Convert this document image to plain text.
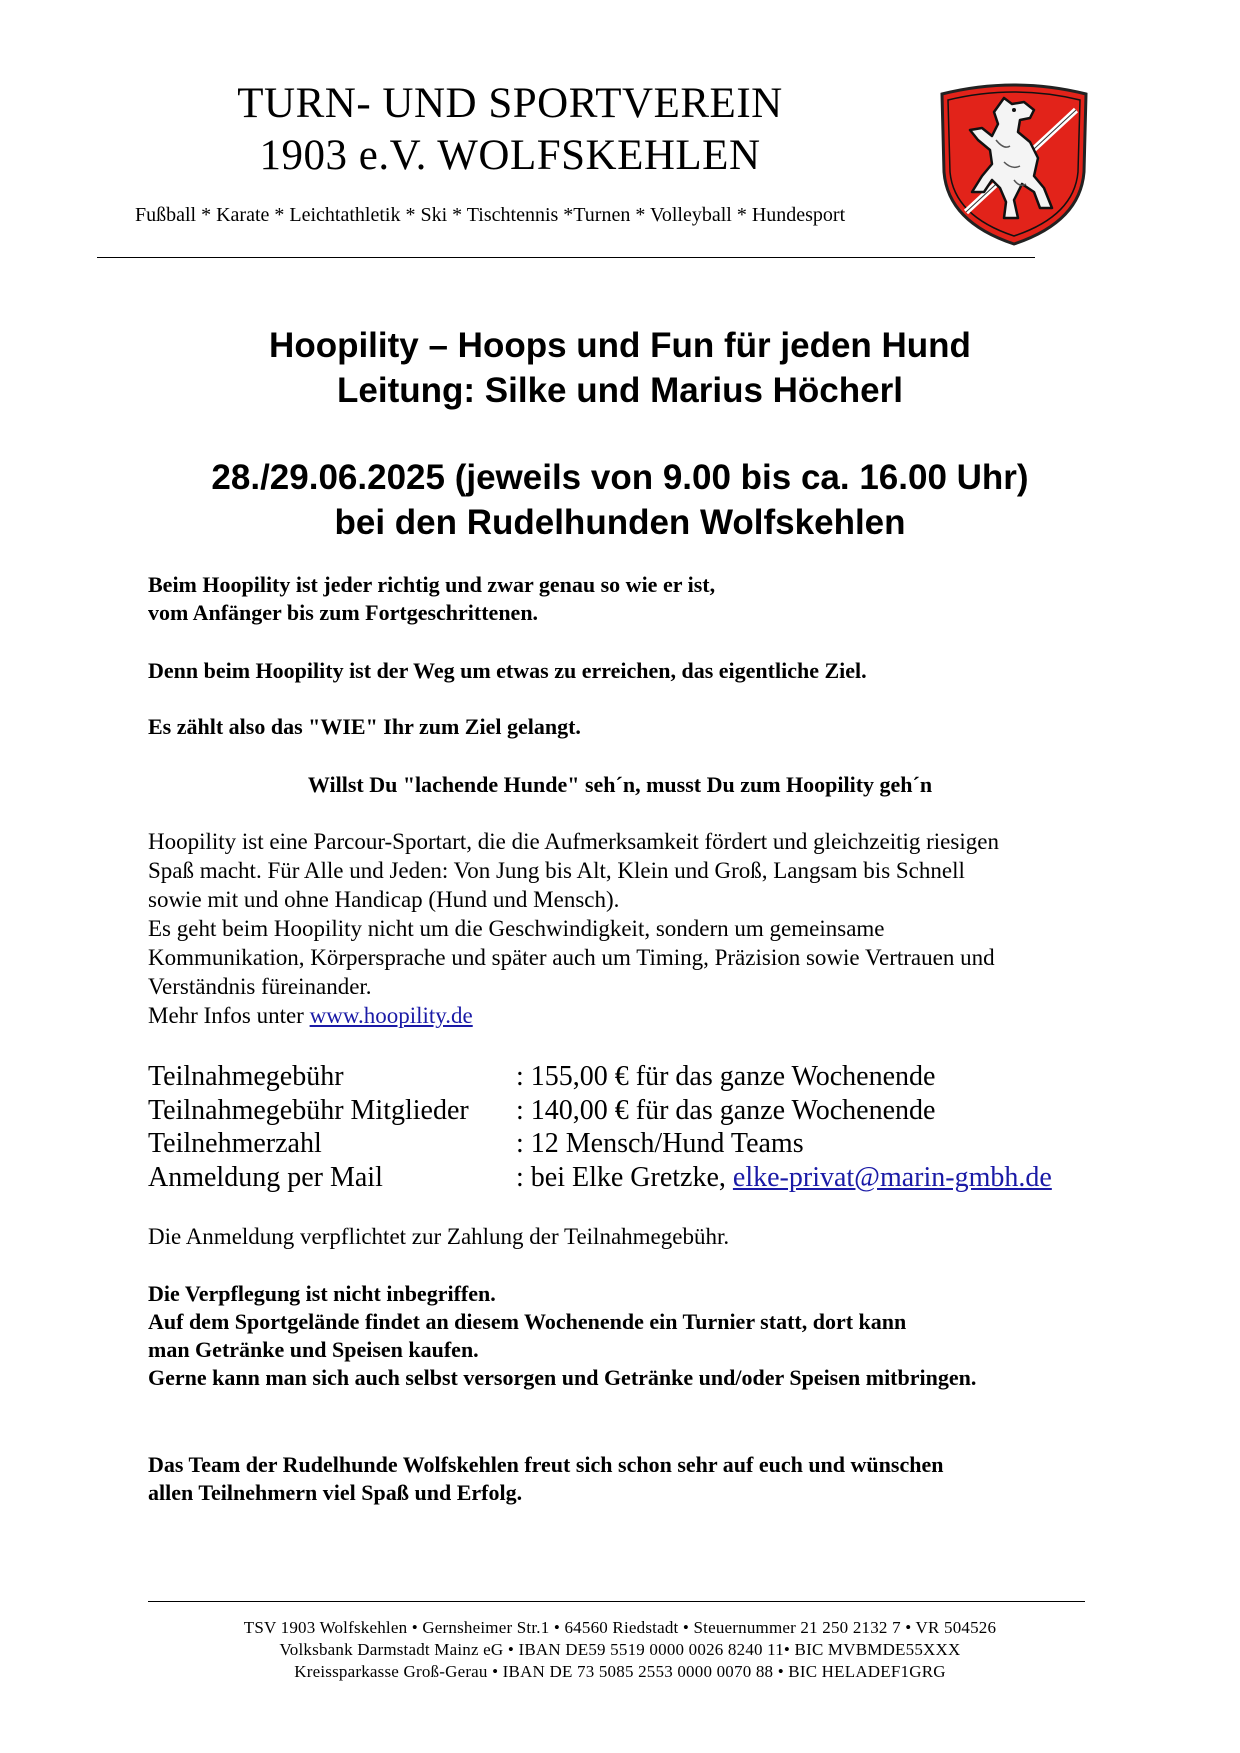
TURN- UND SPORTVEREIN
1903 e.V. WOLFSKEHLEN
Fußball * Karate * Leichtathletik * Ski * Tischtennis *Turnen * Volleyball * Hundesport
Hoopility – Hoops und Fun für jeden Hund
Leitung: Silke und Marius Höcherl
28./29.06.2025 (jeweils von 9.00 bis ca. 16.00 Uhr)
bei den Rudelhunden Wolfskehlen
Beim Hoopility ist jeder richtig und zwar genau so wie er ist,
vom Anfänger bis zum Fortgeschrittenen.
Denn beim Hoopility ist der Weg um etwas zu erreichen, das eigentliche Ziel.
Es zählt also das "WIE" Ihr zum Ziel gelangt.
Willst Du "lachende Hunde" seh´n, musst Du zum Hoopility geh´n
Hoopility ist eine Parcour-Sportart, die die Aufmerksamkeit fördert und gleichzeitig riesigen
Spaß macht. Für Alle und Jeden: Von Jung bis Alt, Klein und Groß, Langsam bis Schnell
sowie mit und ohne Handicap (Hund und Mensch).
Es geht beim Hoopility nicht um die Geschwindigkeit, sondern um gemeinsame
Kommunikation, Körpersprache und später auch um Timing, Präzision sowie Vertrauen und
Verständnis füreinander.
Mehr Infos unter www.hoopility.de
Teilnahmegebühr	: 155,00 € für das ganze Wochenende
Teilnahmegebühr Mitglieder	: 140,00 € für das ganze Wochenende
Teilnehmerzahl	: 12 Mensch/Hund Teams
Anmeldung per Mail	: bei Elke Gretzke, elke-privat@marin-gmbh.de
Die Anmeldung verpflichtet zur Zahlung der Teilnahmegebühr.
Die Verpflegung ist nicht inbegriffen.
Auf dem Sportgelände findet an diesem Wochenende ein Turnier statt, dort kann
man Getränke und Speisen kaufen.
Gerne kann man sich auch selbst versorgen und Getränke und/oder Speisen mitbringen.
Das Team der Rudelhunde Wolfskehlen freut sich schon sehr auf euch und wünschen
allen Teilnehmern viel Spaß und Erfolg.
TSV 1903 Wolfskehlen • Gernsheimer Str.1 • 64560 Riedstadt • Steuernummer 21 250 2132 7 • VR 504526
Volksbank Darmstadt Mainz eG • IBAN DE59 5519 0000 0026 8240 11• BIC MVBMDE55XXX
Kreissparkasse Groß-Gerau • IBAN DE 73 5085 2553 0000 0070 88 • BIC HELADEF1GRG
